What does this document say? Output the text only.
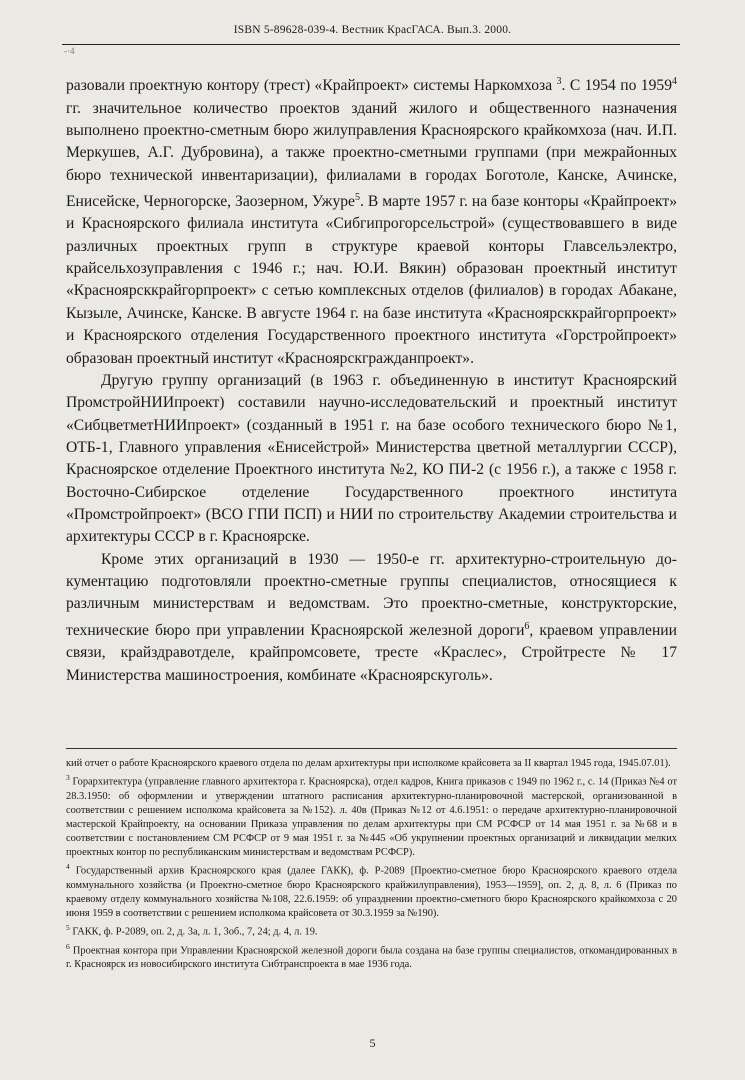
ISBN 5-89628-039-4. Вестник КрасГАСА. Вып.3. 2000.
-·4

разовали проектную контору (трест) «Крайпроект» системы Наркомхоза $^3$. С 1954 по 1959$^4$ гг. значительное количество проектов зданий жилого и общественного назначения выполнено проектно-сметным бюро жилуправления Красноярского крайкомхоза (нач. И.П. Меркушев, А.Г. Дубровина), а также проектно-сметными группами (при межрайонных бюро технической инвентаризации), филиалами в городах Боготоле, Канске, Ачинске, Енисейске, Черногорске, Заозерном, Ужуре$^5$. В марте 1957 г. на базе конторы «Крайпроект» и Красноярского филиала института «Сибгипрогорсельстрой» (существовавшего в виде различных проектных групп в структуре краевой конторы Главсельэлектро, крайсельхозуправления с 1946 г.; нач. Ю.И. Вякин) образован проектный институт «Красноярсккрайгорпроект» с сетью комплексных отделов (филиалов) в городах Абакане, Кызыле, Ачинске, Канске. В августе 1964 г. на базе института «Красноярсккрайгорпроект» и Красноярского отделения Государственного проектного института «Горстройпроект» образован проектный институт «Красноярскгражданпроект».

Другую группу организаций (в 1963 г. объединенную в институт Красноярский ПромстройНИИпроект) составили научно-исследовательский и проектный институт «СибцветметНИИпроект» (созданный в 1951 г. на базе особого технического бюро №1, ОТБ-1, Главного управления «Енисейстрой» Министерства цветной металлургии СССР), Красноярское отделение Проектного института №2, КО ПИ-2 (с 1956 г.), а также с 1958 г. Восточно-Сибирское отделение Государственного проектного института «Промстройпроект» (ВСО ГПИ ПСП) и НИИ по строительству Академии строительства и архитектуры СССР в г. Красноярске.

Кроме этих организаций в 1930 — 1950-е гг. архитектурно-строительную документацию подготовляли проектно-сметные группы специалистов, относящиеся к различным министерствам и ведомствам. Это проектно-сметные, конструкторские, технические бюро при управлении Красноярской железной дороги$^6$, краевом управлении связи, крайздравотделе, крайпромсовете, тресте «Краслес», Стройтресте № 17 Министерства машиностроения, комбинате «Красноярскуголь».

кий отчет о работе Красноярского краевого отдела по делам архитектуры при исполкоме крайсовета за II квартал 1945 года, 1945.07.01).

$^3$ Горархитектура (управление главного архитектора г. Красноярска), отдел кадров, Книга приказов с 1949 по 1962 г., с. 14 (Приказ №4 от 28.3.1950: об оформлении и утверждении штатного расписания архитектурно-планировочной мастерской, организованной в соответствии с решением исполкома крайсовета за №152). л. 40в (Приказ №12 от 4.6.1951: о передаче архитектурно-планировочной мастерской Крайпроекту, на основании Приказа управления по делам архитектуры при СМ РСФСР от 14 мая 1951 г. за №68 и в соответствии с постановлением СМ РСФСР от 9 мая 1951 г. за №445 «Об укрупнении проектных организаций и ликвидации мелких проектных контор по республиканским министерствам и ведомствам РСФСР).

$^4$ Государственный архив Красноярского края (далее ГАКК), ф. Р-2089 [Проектно-сметное бюро Красноярского краевого отдела коммунального хозяйства (и Проектно-сметное бюро Красноярского крайжилуправления), 1953—1959], оп. 2, д. 8, л. 6 (Приказ по краевому отделу коммунального хозяйства №108, 22.6.1959: об упразднении проектно-сметного бюро Красноярского крайкомхоза с 20 июня 1959 в соответствии с решением исполкома крайсовета от 30.3.1959 за №190).

$^5$ ГАКК, ф. Р-2089, оп. 2, д. 3а, л. 1, 3об., 7, 24; д. 4, л. 19.

$^6$ Проектная контора при Управлении Красноярской железной дороги была создана на базе группы специалистов, откомандированных в г. Красноярск из новосибирского института Сибтранспроекта в мае 1936 года.

5
